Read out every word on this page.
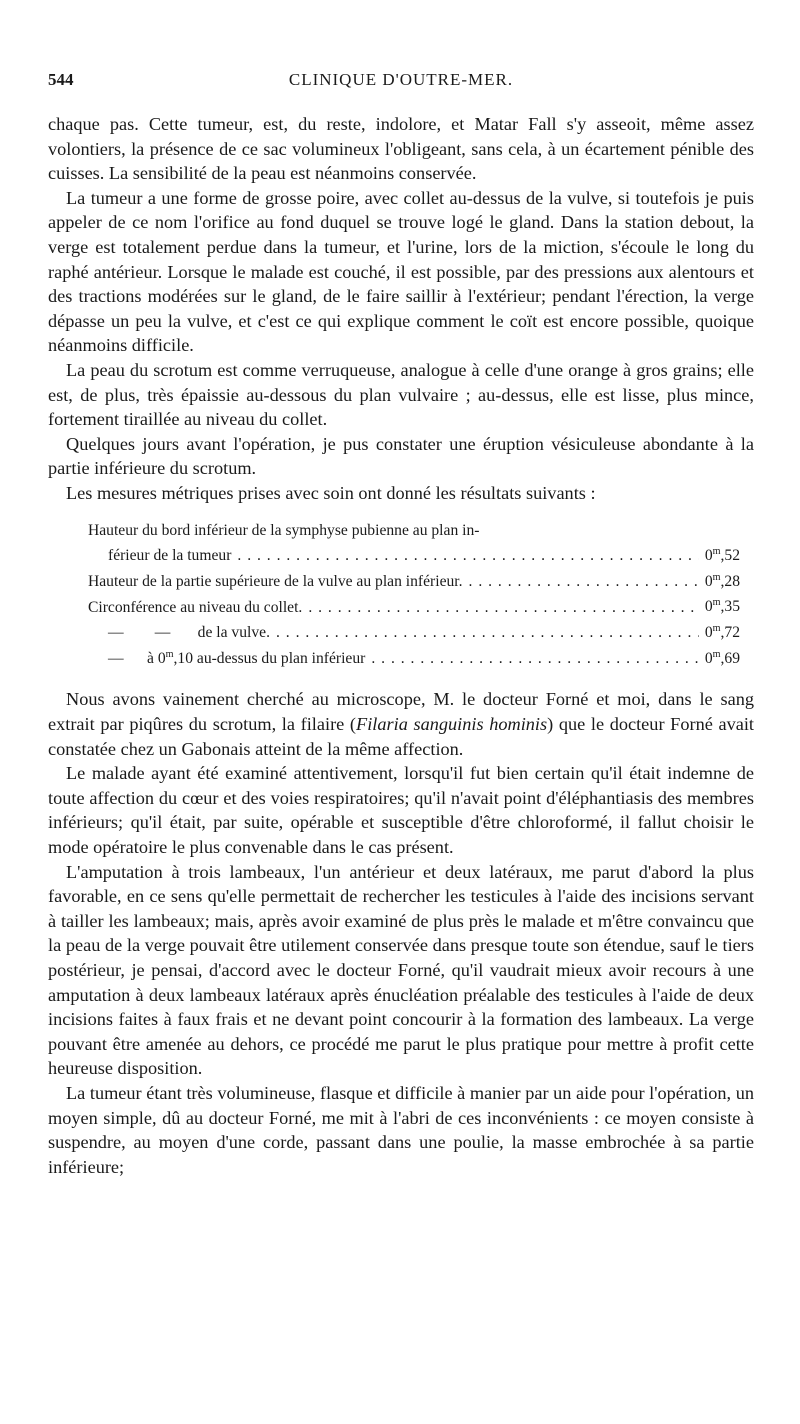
544	CLINIQUE D'OUTRE-MER.

chaque pas. Cette tumeur, est, du reste, indolore, et Matar Fall s'y asseoit, même assez volontiers, la présence de ce sac volumineux l'obligeant, sans cela, à un écartement pénible des cuisses. La sensibilité de la peau est néanmoins conservée.

La tumeur a une forme de grosse poire, avec collet au-dessus de la vulve, si toutefois je puis appeler de ce nom l'orifice au fond duquel se trouve logé le gland. Dans la station debout, la verge est totalement perdue dans la tumeur, et l'urine, lors de la miction, s'écoule le long du raphé antérieur. Lorsque le malade est couché, il est possible, par des pressions aux alentours et des tractions modérées sur le gland, de le faire saillir à l'extérieur; pendant l'érection, la verge dépasse un peu la vulve, et c'est ce qui explique comment le coït est encore possible, quoique néanmoins difficile.

La peau du scrotum est comme verruqueuse, analogue à celle d'une orange à gros grains; elle est, de plus, très épaissie au-dessous du plan vulvaire ; au-dessus, elle est lisse, plus mince, fortement tiraillée au niveau du collet.

Quelques jours avant l'opération, je pus constater une éruption vésiculeuse abondante à la partie inférieure du scrotum.

Les mesures métriques prises avec soin ont donné les résultats suivants :

Hauteur du bord inférieur de la symphyse pubienne au plan in-
férieur de la tumeur . . .	0$^m$,52
Hauteur de la partie supérieure de la vulve au plan inférieur. . . .	0$^m$,28
Circonférence au niveau du collet. . . .	0$^m$,35
—        —       de la vulve. . . .	0$^m$,72
—      à 0$^m$,10 au-dessus du plan inférieur . . .	0$^m$,69

Nous avons vainement cherché au microscope, M. le docteur Forné et moi, dans le sang extrait par piqûres du scrotum, la filaire (Filaria sanguinis hominis) que le docteur Forné avait constatée chez un Gabonais atteint de la même affection.

Le malade ayant été examiné attentivement, lorsqu'il fut bien certain qu'il était indemne de toute affection du cœur et des voies respiratoires; qu'il n'avait point d'éléphantiasis des membres inférieurs; qu'il était, par suite, opérable et susceptible d'être chloroformé, il fallut choisir le mode opératoire le plus convenable dans le cas présent.

L'amputation à trois lambeaux, l'un antérieur et deux latéraux, me parut d'abord la plus favorable, en ce sens qu'elle permettait de rechercher les testicules à l'aide des incisions servant à tailler les lambeaux; mais, après avoir examiné de plus près le malade et m'être convaincu que la peau de la verge pouvait être utilement conservée dans presque toute son étendue, sauf le tiers postérieur, je pensai, d'accord avec le docteur Forné, qu'il vaudrait mieux avoir recours à une amputation à deux lambeaux latéraux après énucléation préalable des testicules à l'aide de deux incisions faites à faux frais et ne devant point concourir à la formation des lambeaux. La verge pouvant être amenée au dehors, ce procédé me parut le plus pratique pour mettre à profit cette heureuse disposition.

La tumeur étant très volumineuse, flasque et difficile à manier par un aide pour l'opération, un moyen simple, dû au docteur Forné, me mit à l'abri de ces inconvénients : ce moyen consiste à suspendre, au moyen d'une corde, passant dans une poulie, la masse embrochée à sa partie inférieure;
